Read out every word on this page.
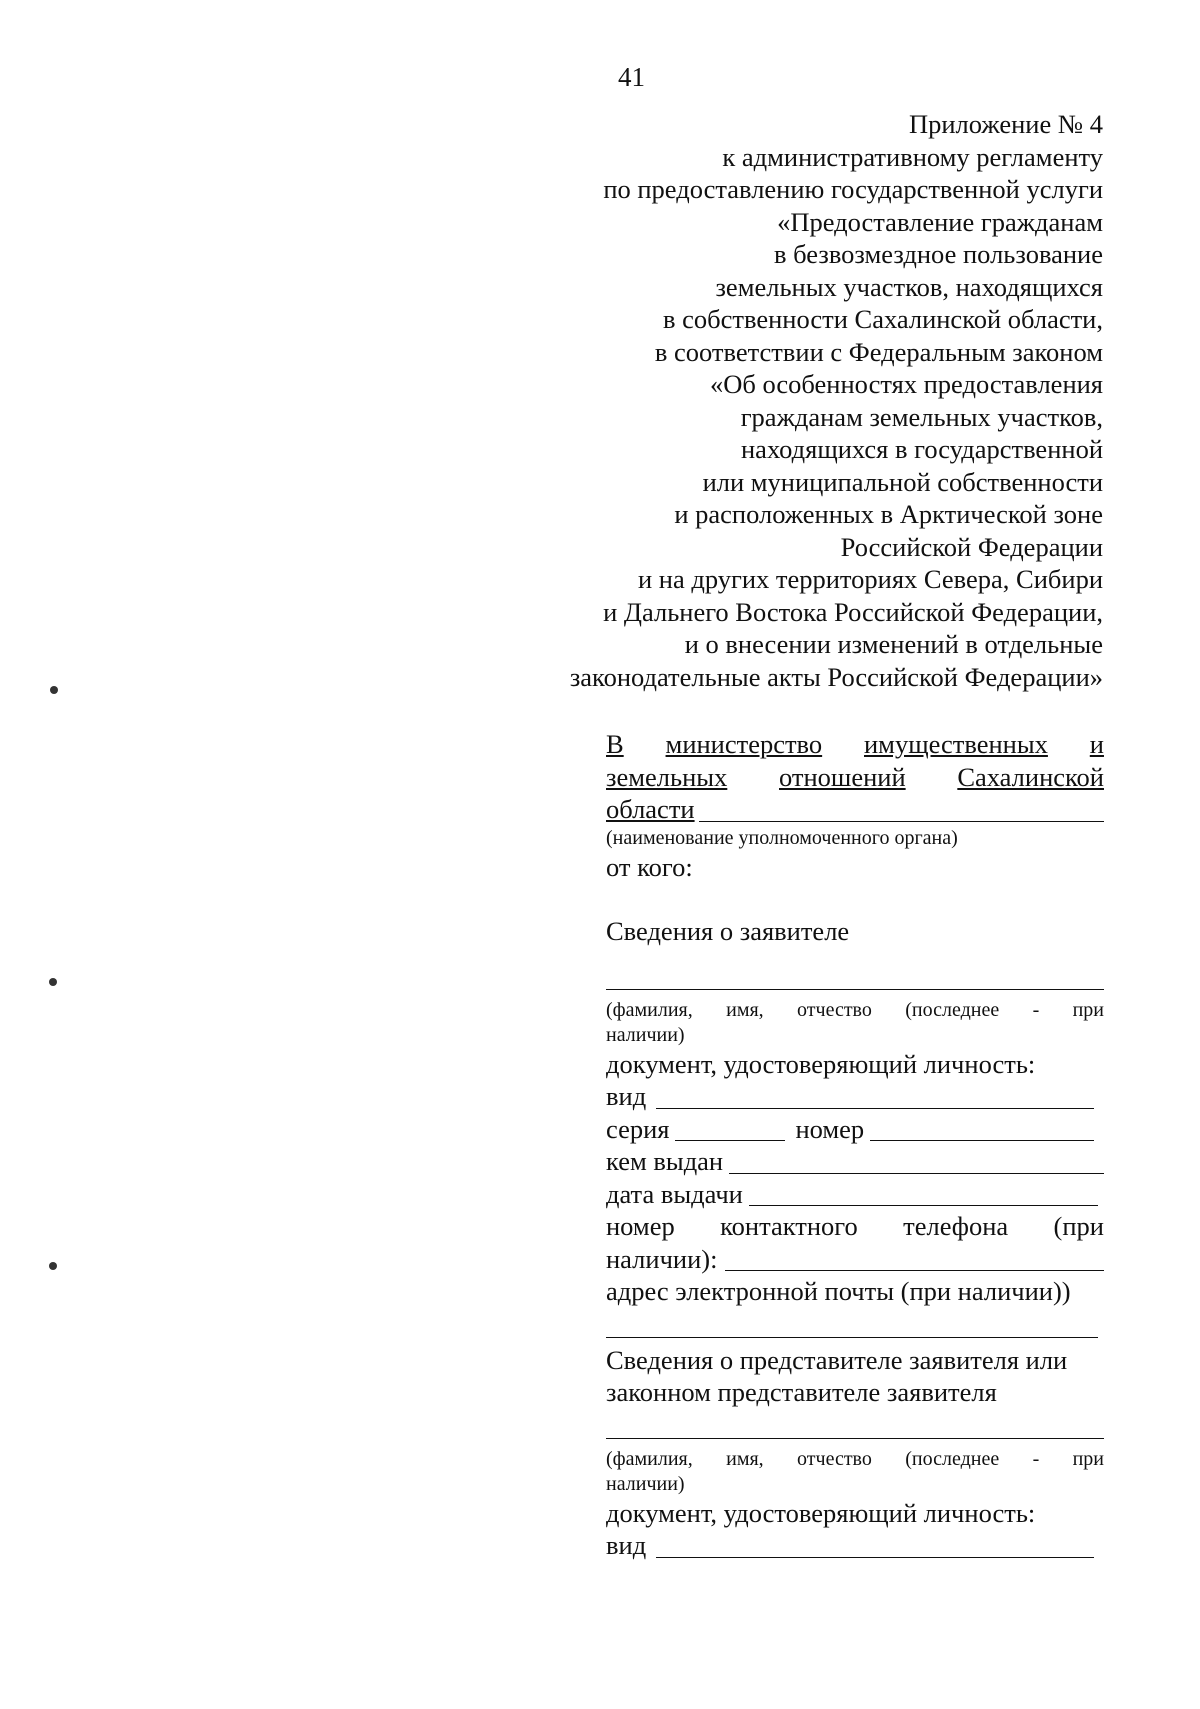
41
Приложение № 4
к административному регламенту
по предоставлению государственной услуги
«Предоставление гражданам
в безвозмездное пользование
земельных участков, находящихся
в собственности Сахалинской области,
в соответствии с Федеральным законом
«Об особенностях предоставления
гражданам земельных участков,
находящихся в государственной
или муниципальной собственности
и расположенных в Арктической зоне
Российской Федерации
и на других территориях Севера, Сибири
и Дальнего Востока Российской Федерации,
и о внесении изменений в отдельные
законодательные акты Российской Федерации»
В министерство имущественных и
земельных отношений Сахалинской
области
(наименование уполномоченного органа)
от кого:
Сведения о заявителе
(фамилия, имя, отчество (последнее - при
наличии)
документ, удостоверяющий личность:
вид
серия	номер
кем выдан
дата выдачи
номер контактного телефона (при
наличии):
адрес электронной почты (при наличии))
Сведения о представителе заявителя или
законном представителе заявителя
(фамилия, имя, отчество (последнее - при
наличии)
документ, удостоверяющий личность:
вид
